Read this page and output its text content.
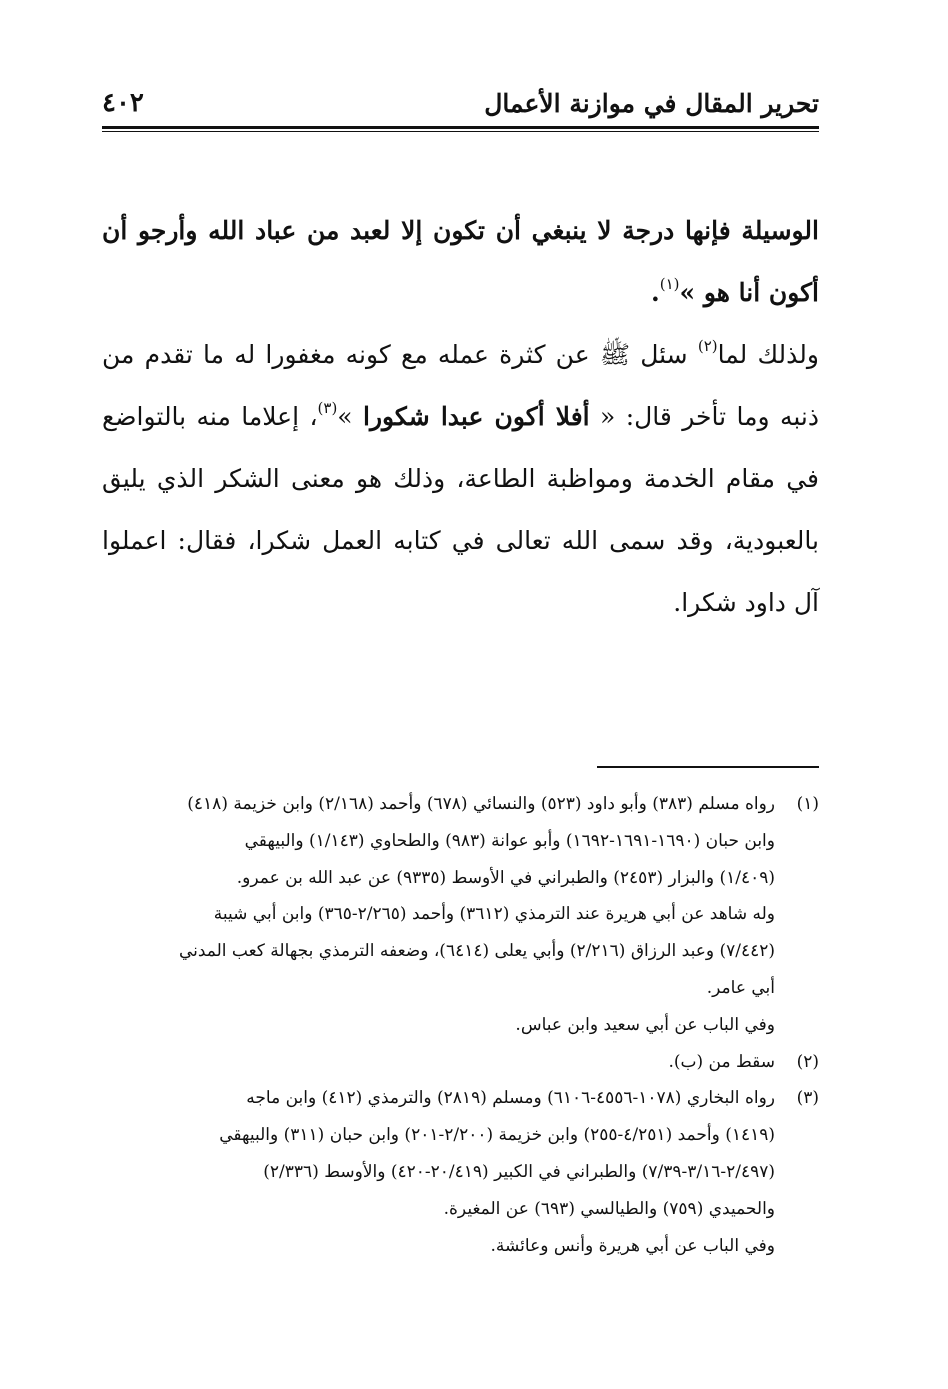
تحرير المقال في موازنة الأعمال
٤٠٢

الوسيلة فإنها درجة لا ينبغي أن تكون إلا لعبد من عباد الله وأرجو أن أكون أنا هو »$^{(١)}$.

ولذلك لما$^{(٢)}$ سئل ﷺ عن كثرة عمله مع كونه مغفورا له ما تقدم من ذنبه وما تأخر قال: « أفلا أكون عبدا شكورا »$^{(٣)}$، إعلاما منه بالتواضع في مقام الخدمة ومواظبة الطاعة، وذلك هو معنى الشكر الذي يليق بالعبودية، وقد سمى الله تعالى في كتابه العمل شكرا، فقال: اعملوا آل داود شكرا.

(١)

رواه مسلم (٣٨٣) وأبو داود (٥٢٣) والنسائي (٦٧٨) وأحمد (٢/١٦٨) وابن خزيمة (٤١٨)

وابن حبان (١٦٩٠-١٦٩١-١٦٩٢) وأبو عوانة (٩٨٣) والطحاوي (١/١٤٣) والبيهقي

(١/٤٠٩) والبزار (٢٤٥٣) والطبراني في الأوسط (٩٣٣٥) عن عبد الله بن عمرو.

وله شاهد عن أبي هريرة عند الترمذي (٣٦١٢) وأحمد (٢/٢٦٥-٣٦٥) وابن أبي شيبة

(٧/٤٤٢) وعبد الرزاق (٢/٢١٦) وأبي يعلى (٦٤١٤)، وضعفه الترمذي بجهالة كعب المدني

أبي عامر.

وفي الباب عن أبي سعيد وابن عباس.

(٢)

سقط من (ب).

(٣)

رواه البخاري (١٠٧٨-٤٥٥٦-٦١٠٦) ومسلم (٢٨١٩) والترمذي (٤١٢) وابن ماجه

(١٤١٩) وأحمد (٤/٢٥١-٢٥٥) وابن خزيمة (٢/٢٠٠-٢٠١) وابن حبان (٣١١) والبيهقي

(٢/٤٩٧-٣/١٦-٧/٣٩) والطبراني في الكبير (٢٠/٤١٩-٤٢٠) والأوسط (٢/٣٣٦)

والحميدي (٧٥٩) والطيالسي (٦٩٣) عن المغيرة.

وفي الباب عن أبي هريرة وأنس وعائشة.
